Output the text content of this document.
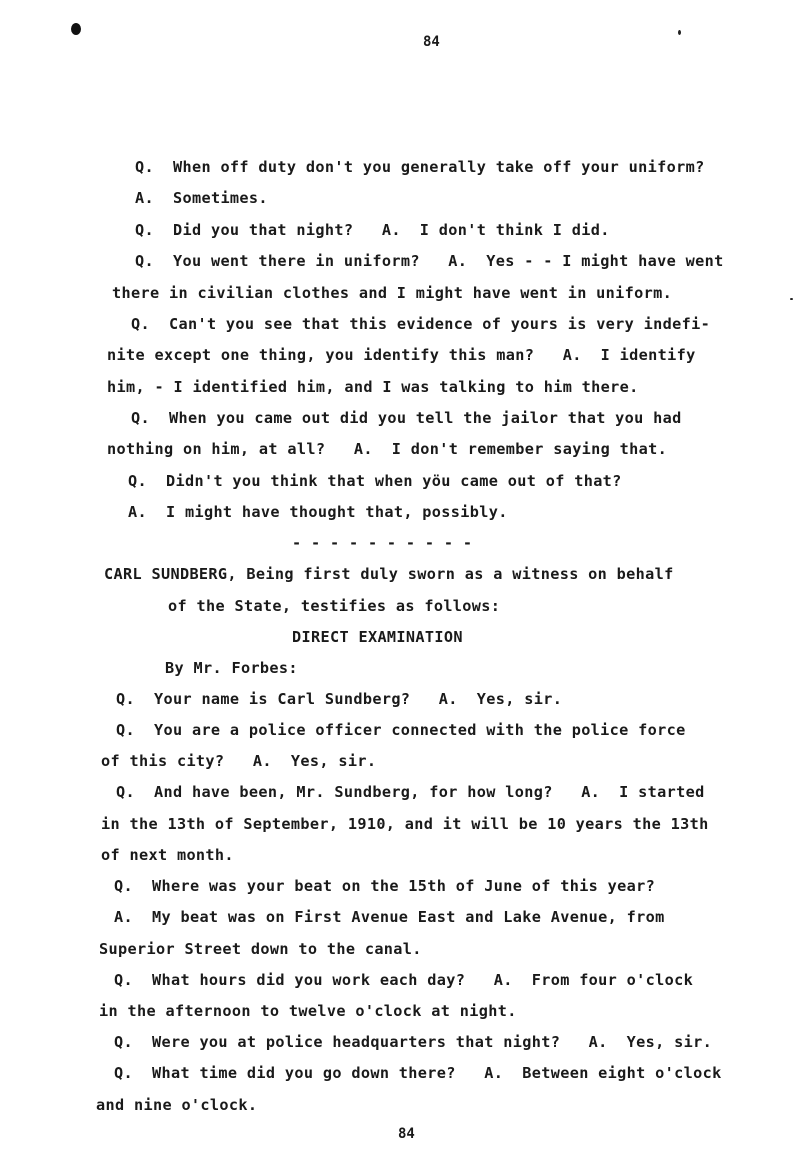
84
Q.  When off duty don't you generally take off your uniform?
A.  Sometimes.
Q.  Did you that night?   A.  I don't think I did.
Q.  You went there in uniform?   A.  Yes - - I might have went
there in civilian clothes and I might have went in uniform.
Q.  Can't you see that this evidence of yours is very indefi-
nite except one thing, you identify this man?   A.  I identify
him, - I identified him, and I was talking to him there.
Q.  When you came out did you tell the jailor that you had
nothing on him, at all?   A.  I don't remember saying that.
Q.  Didn't you think that when yöu came out of that?
A.  I might have thought that, possibly.
- - - - - - - - - -
CARL SUNDBERG, Being first duly sworn as a witness on behalf
of the State, testifies as follows:
DIRECT EXAMINATION
By Mr. Forbes:
Q.  Your name is Carl Sundberg?   A.  Yes, sir.
Q.  You are a police officer connected with the police force
of this city?   A.  Yes, sir.
Q.  And have been, Mr. Sundberg, for how long?   A.  I started
in the 13th of September, 1910, and it will be 10 years the 13th
of next month.
Q.  Where was your beat on the 15th of June of this year?
A.  My beat was on First Avenue East and Lake Avenue, from
Superior Street down to the canal.
Q.  What hours did you work each day?   A.  From four o'clock
in the afternoon to twelve o'clock at night.
Q.  Were you at police headquarters that night?   A.  Yes, sir.
Q.  What time did you go down there?   A.  Between eight o'clock
and nine o'clock.
84
